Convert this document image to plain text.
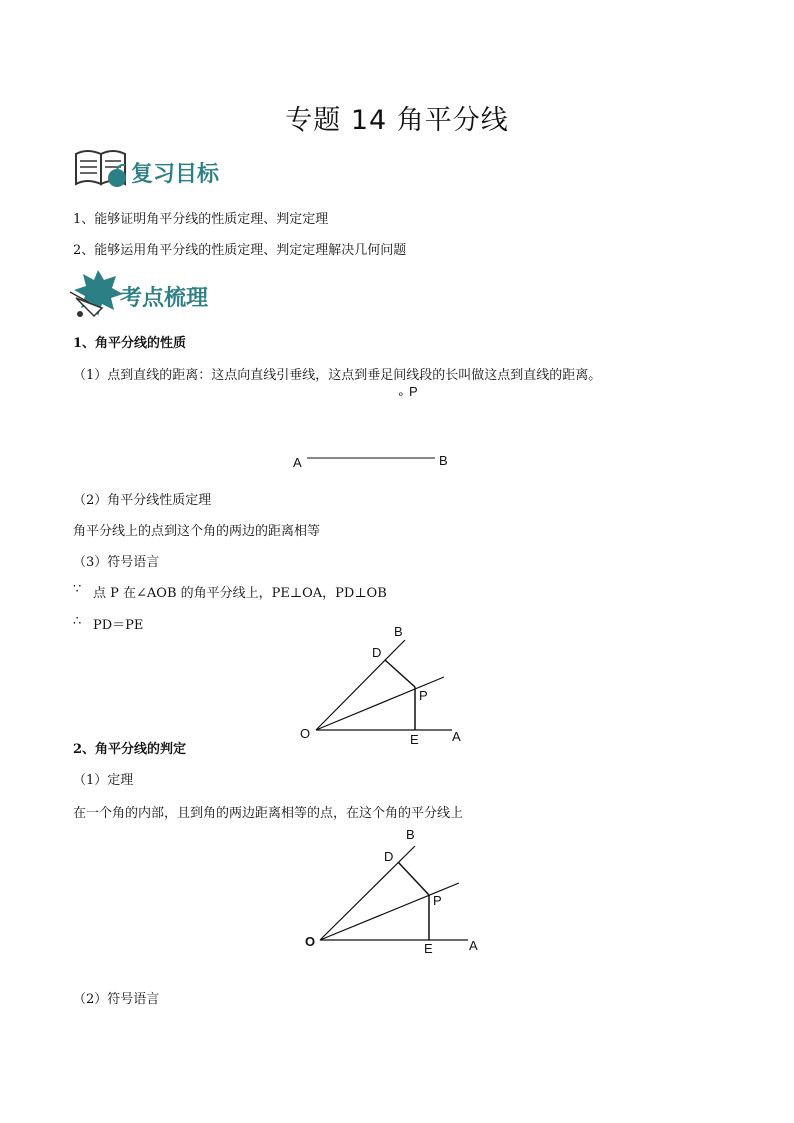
专题 14 角平分线
复习目标
1、能够证明角平分线的性质定理、判定定理
2、能够运用角平分线的性质定理、判定定理解决几何问题
考点梳理
1、角平分线的性质
（1）点到直线的距离：这点向直线引垂线，这点到垂足间线段的长叫做这点到直线的距离。
∘ P
A	B
（2）角平分线性质定理
角平分线上的点到这个角的两边的距离相等
（3）符号语言
∵ 点 P 在∠AOB 的角平分线上，PE⊥OA，PD⊥OB
∴ PD＝PE	B
D
P
O	E	A
2、角平分线的判定
（1）定理
在一个角的内部，且到角的两边距离相等的点，在这个角的平分线上
B
D
P
O	E	A
（2）符号语言
